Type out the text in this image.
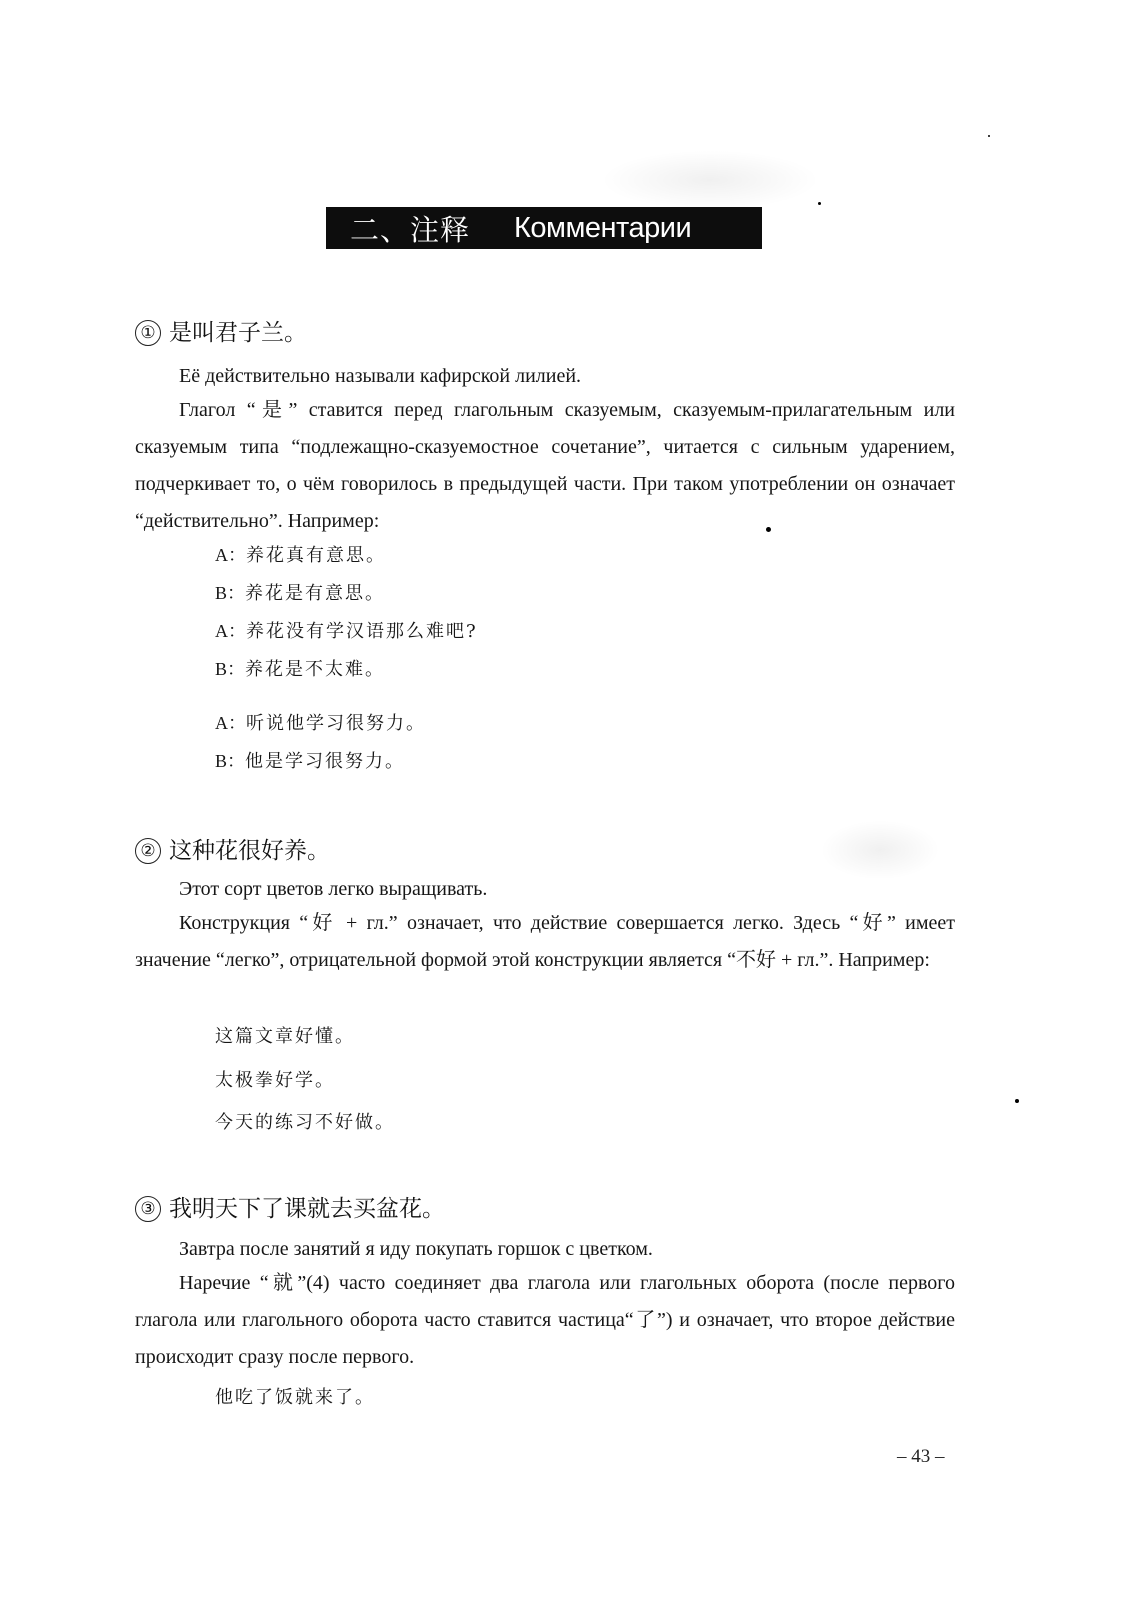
二、注释 Комментарии
① 是叫君子兰。
Её действительно называли кафирской лилией.
Глагол “是” ставится перед глагольным сказуемым, сказуемым-прилагательным или сказуемым типа “подлежащно-сказуемостное сочетание”, читается с сильным ударением, подчеркивает то, о чём говорилось в предыдущей части. При таком употреблении он означает “действительно”. Например:
A：养花真有意思。
B：养花是有意思。
A：养花没有学汉语那么难吧?
B：养花是不太难。
A：听说他学习很努力。
B：他是学习很努力。
② 这种花很好养。
Этот сорт цветов легко выращивать.
Конструкция “好 + гл.” означает, что действие совершается легко. Здесь “好” имеет значение “легко”, отрицательной формой этой конструкции является “不好 + гл.”. Например:
这篇文章好懂。
太极拳好学。
今天的练习不好做。
③ 我明天下了课就去买盆花。
Завтра после занятий я иду покупать горшок с цветком.
Наречие “就”(4) часто соединяет два глагола или глагольных оборота (после первого глагола или глагольного оборота часто ставится частица“了”) и означает, что второе действие происходит сразу после первого.
他吃了饭就来了。
– 43 –
